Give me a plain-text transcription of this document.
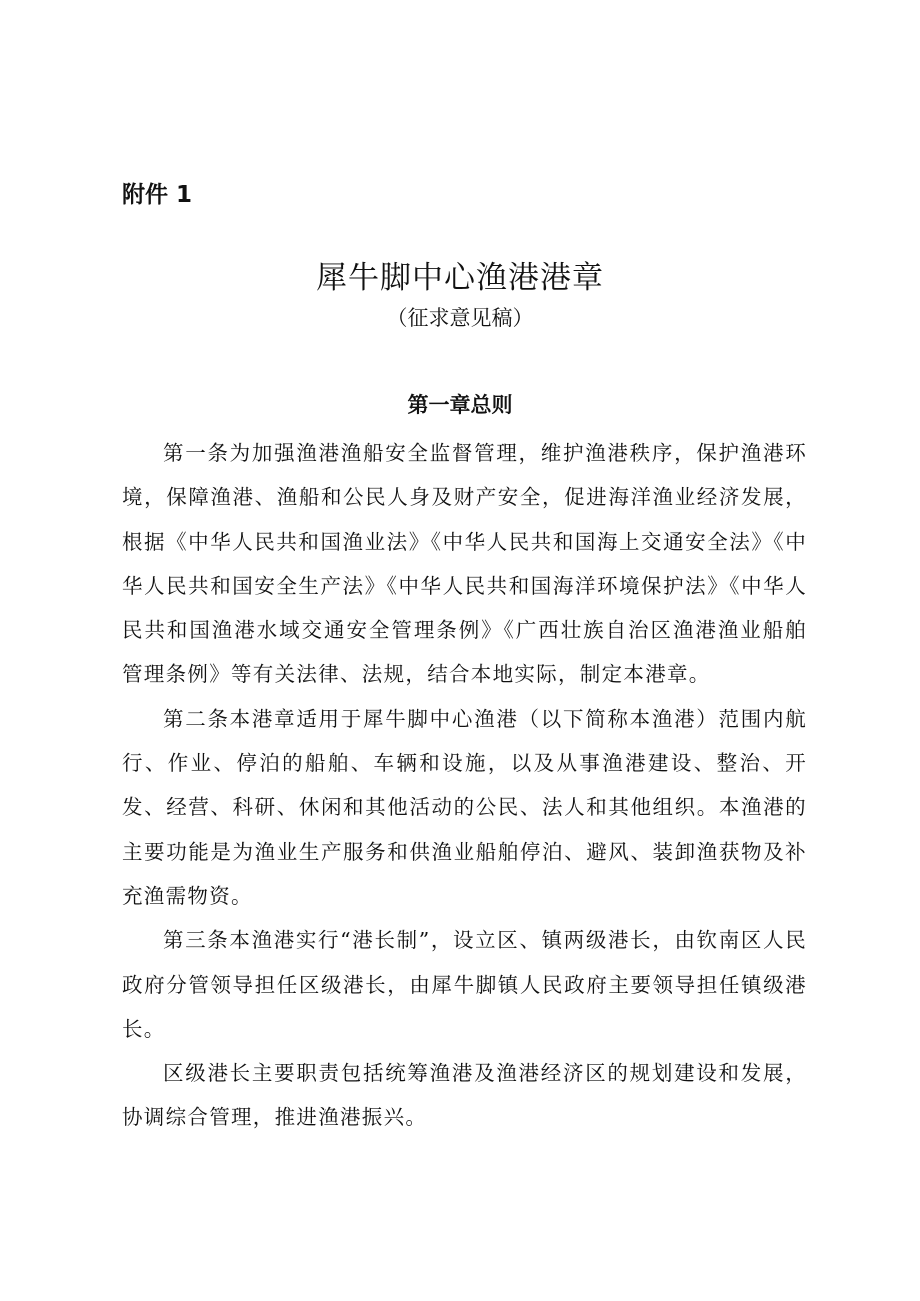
附件 1

犀牛脚中心渔港港章

（征求意见稿）

第一章总则

第一条为加强渔港渔船安全监督管理，维护渔港秩序，保护渔港环境，保障渔港、渔船和公民人身及财产安全，促进海洋渔业经济发展，根据《中华人民共和国渔业法》《中华人民共和国海上交通安全法》《中华人民共和国安全生产法》《中华人民共和国海洋环境保护法》《中华人民共和国渔港水域交通安全管理条例》《广西壮族自治区渔港渔业船舶管理条例》等有关法律、法规，结合本地实际，制定本港章。

第二条本港章适用于犀牛脚中心渔港（以下简称本渔港）范围内航行、作业、停泊的船舶、车辆和设施，以及从事渔港建设、整治、开发、经营、科研、休闲和其他活动的公民、法人和其他组织。本渔港的主要功能是为渔业生产服务和供渔业船舶停泊、避风、装卸渔获物及补充渔需物资。

第三条本渔港实行“港长制”，设立区、镇两级港长，由钦南区人民政府分管领导担任区级港长，由犀牛脚镇人民政府主要领导担任镇级港长。

区级港长主要职责包括统筹渔港及渔港经济区的规划建设和发展，协调综合管理，推进渔港振兴。
